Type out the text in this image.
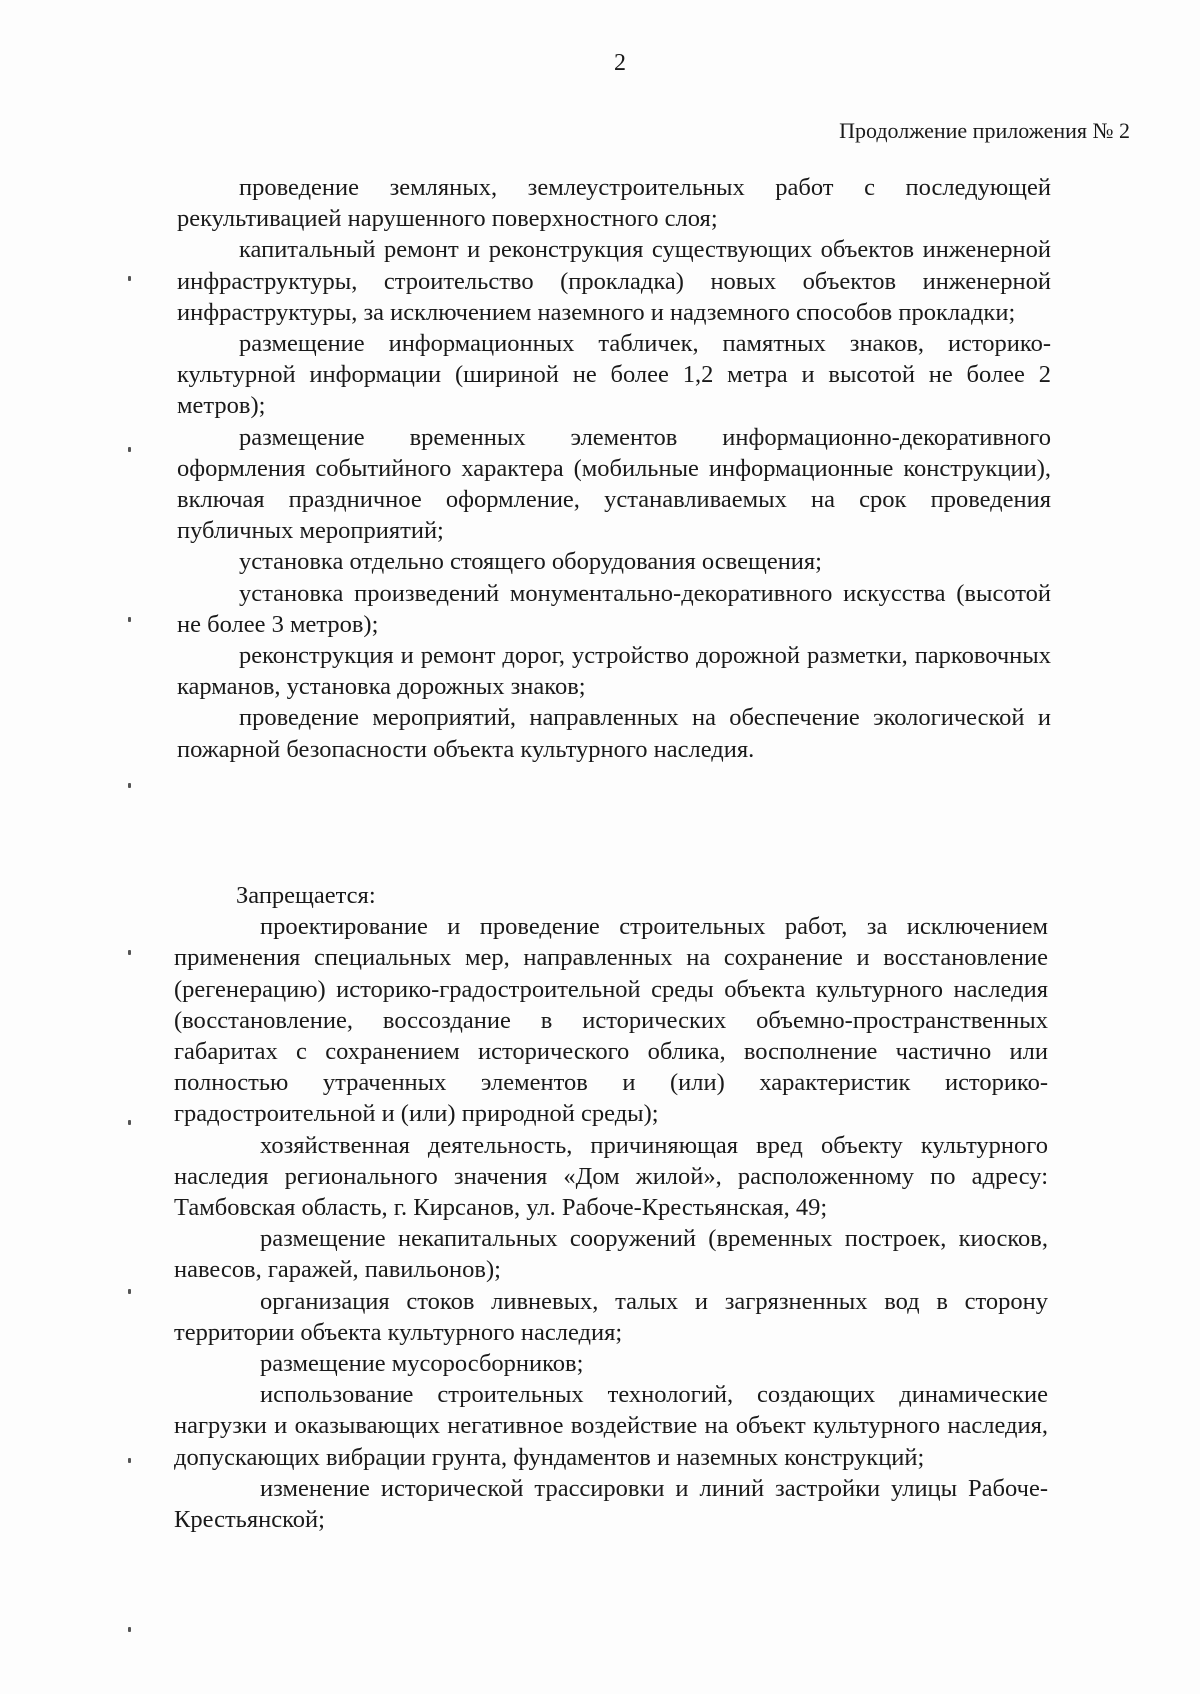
2
Продолжение приложения № 2

проведение земляных, землеустроительных работ с последующей рекультивацией нарушенного поверхностного слоя;

капитальный ремонт и реконструкция существующих объектов инженерной инфраструктуры, строительство (прокладка) новых объектов инженерной инфраструктуры, за исключением наземного и надземного способов прокладки;

размещение информационных табличек, памятных знаков, историко-культурной информации (шириной не более 1,2 метра и высотой не более 2 метров);

размещение временных элементов информационно-декоративного оформления событийного характера (мобильные информационные конструкции), включая праздничное оформление, устанавливаемых на срок проведения публичных мероприятий;

установка отдельно стоящего оборудования освещения;

установка произведений монументально-декоративного искусства (высотой не более 3 метров);

реконструкция и ремонт дорог, устройство дорожной разметки, парковочных карманов, установка дорожных знаков;

проведение мероприятий, направленных на обеспечение экологической и пожарной безопасности объекта культурного наследия.

Запрещается:

проектирование и проведение строительных работ, за исключением применения специальных мер, направленных на сохранение и восстановление (регенерацию) историко-градостроительной среды объекта культурного наследия (восстановление, воссоздание в исторических объемно-пространственных габаритах с сохранением исторического облика, восполнение частично или полностью утраченных элементов и (или) характеристик историко- градостроительной и (или) природной среды);

хозяйственная деятельность, причиняющая вред объекту культурного наследия регионального значения «Дом жилой», расположенному по адресу: Тамбовская область, г. Кирсанов, ул. Рабоче-Крестьянская, 49;

размещение некапитальных сооружений (временных построек, киосков, навесов, гаражей, павильонов);

организация стоков ливневых, талых и загрязненных вод в сторону территории объекта культурного наследия;

размещение мусоросборников;

использование строительных технологий, создающих динамические нагрузки и оказывающих негативное воздействие на объект культурного наследия, допускающих вибрации грунта, фундаментов и наземных конструкций;

изменение исторической трассировки и линий застройки улицы Рабоче- Крестьянской;
